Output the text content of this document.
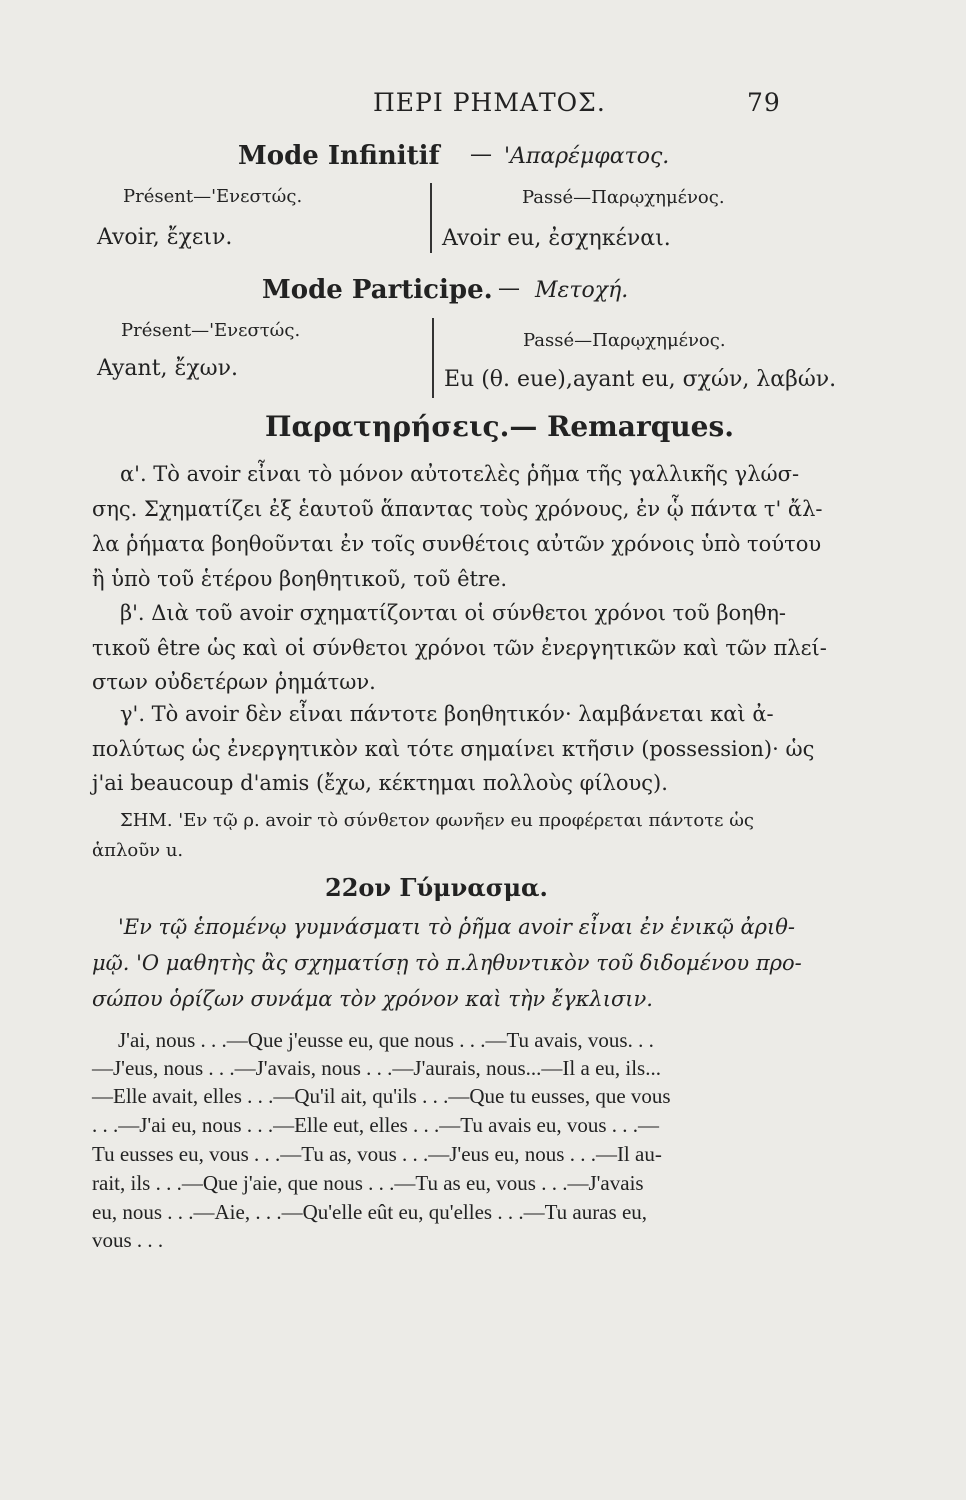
ΠΕΡΙ ΡΗΜΑΤΟΣ.	79
Mode Infinitif — 'Απαρέμφατος.
Présent—'Ενεστώς.	Passé—Παρῳχημένος.
Avoir, ἔχειν.	Avoir eu, ἐσχηκέναι.
Mode Participe. — Μετοχή.
Présent—'Ενεστώς.	Passé—Παρῳχημένος.
Ayant, ἔχων.	Eu (θ. eue),ayant eu, σχών, λαβών.
Παρατηρήσεις.— Remarques.
α'. Τὸ avoir εἶναι τὸ μόνον αὐτοτελὲς ῥῆμα τῆς γαλλικῆς γλώσ-
σης. Σχηματίζει ἐξ ἑαυτοῦ ἅπαντας τοὺς χρόνους, ἐν ᾧ πάντα τ' ἄλ-
λα ῥήματα βοηθοῦνται ἐν τοῖς συνθέτοις αὐτῶν χρόνοις ὑπὸ τούτου
ἢ ὑπὸ τοῦ ἑτέρου βοηθητικοῦ, τοῦ être.
β'. Διὰ τοῦ avoir σχηματίζονται οἱ σύνθετοι χρόνοι τοῦ βοηθη-
τικοῦ être ὡς καὶ οἱ σύνθετοι χρόνοι τῶν ἐνεργητικῶν καὶ τῶν πλεί-
στων οὐδετέρων ῥημάτων.
γ'. Τὸ avoir δὲν εἶναι πάντοτε βοηθητικόν· λαμβάνεται καὶ ἀ-
πολύτως ὡς ἐνεργητικὸν καὶ τότε σημαίνει κτῆσιν (possession)· ὡς
j'ai beaucoup d'amis (ἔχω, κέκτημαι πολλοὺς φίλους).
ΣΗΜ. 'Εν τῷ ρ. avoir τὸ σύνθετον φωνῆεν eu προφέρεται πάντοτε ὡς
ἁπλοῦν u.
22ον Γύμνασμα.
'Εν τῷ ἑπομένῳ γυμνάσματι τὸ ῥῆμα avoir εἶναι ἐν ἑνικῷ ἀριθ-
μῷ. 'Ο μαθητὴς ἂς σχηματίσῃ τὸ π.ληθυντικὸν τοῦ διδομένου προ-
σώπου ὁρίζων συνάμα τὸν χρόνον καὶ τὴν ἔγκλισιν.
J'ai, nous . . .—Que j'eusse eu, que nous . . .—Tu avais, vous. . .
—J'eus, nous . . .—J'avais, nous . . .—J'aurais, nous...—Il a eu, ils...
—Elle avait, elles . . .—Qu'il ait, qu'ils . . .—Que tu eusses, que vous
. . .—J'ai eu, nous . . .—Elle eut, elles . . .—Tu avais eu, vous . . .—
Tu eusses eu, vous . . .—Tu as, vous . . .—J'eus eu, nous . . .—Il au-
rait, ils . . .—Que j'aie, que nous . . .—Tu as eu, vous . . .—J'avais
eu, nous . . .—Aie, . . .—Qu'elle eût eu, qu'elles . . .—Tu auras eu,
vous . . .
